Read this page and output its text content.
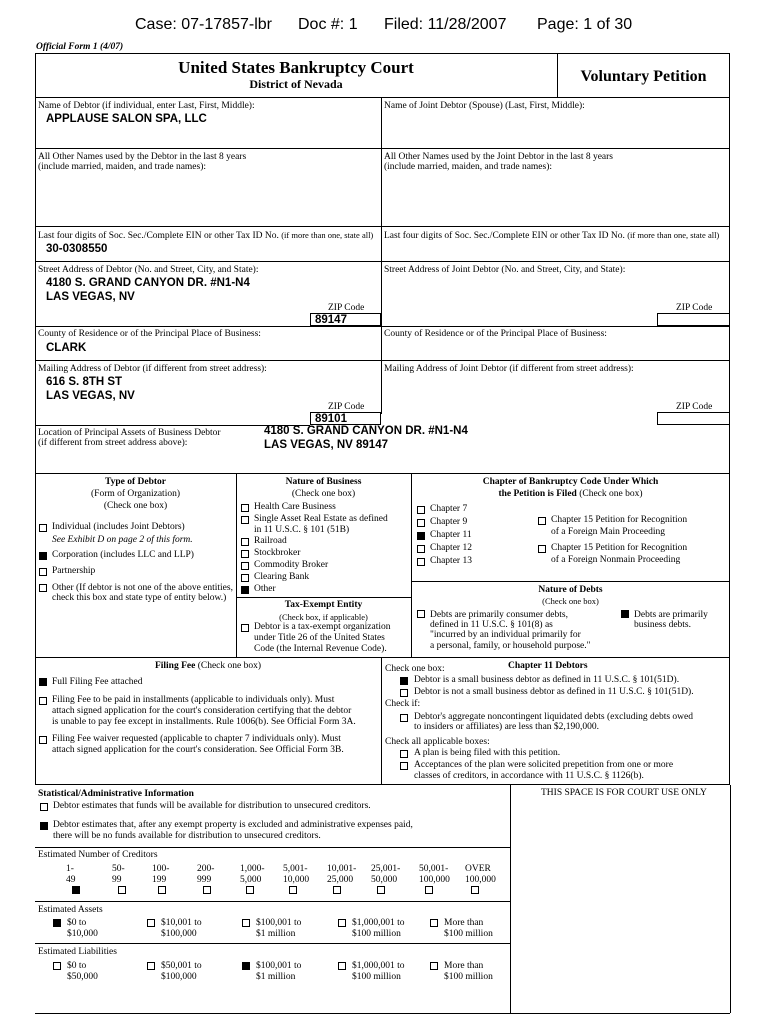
Case: 07-17857-lbr Doc #: 1 Filed: 11/28/2007 Page: 1 of 30
Official Form 1 (4/07)
United States Bankruptcy Court
District of Nevada	Voluntary Petition
Name of Debtor (if individual, enter Last, First, Middle):
APPLAUSE SALON SPA, LLC
Name of Joint Debtor (Spouse) (Last, First, Middle):
All Other Names used by the Debtor in the last 8 years
(include married, maiden, and trade names):
All Other Names used by the Joint Debtor in the last 8 years
(include married, maiden, and trade names):
Last four digits of Soc. Sec./Complete EIN or other Tax ID No. (if more than one, state all)
30-0308550
Last four digits of Soc. Sec./Complete EIN or other Tax ID No. (if more than one, state all)
Street Address of Debtor (No. and Street, City, and State):
4180 S. GRAND CANYON DR. #N1-N4
LAS VEGAS, NV
ZIP Code
89147
Street Address of Joint Debtor (No. and Street, City, and State):
ZIP Code
County of Residence or of the Principal Place of Business:
CLARK
County of Residence or of the Principal Place of Business:
Mailing Address of Debtor (if different from street address):
616 S. 8TH ST
LAS VEGAS, NV
ZIP Code
89101
Mailing Address of Joint Debtor (if different from street address):
ZIP Code
Location of Principal Assets of Business Debtor
(if different from street address above):
4180 S. GRAND CANYON DR. #N1-N4
LAS VEGAS, NV 89147
Type of Debtor
(Form of Organization)
(Check one box)
Individual (includes Joint Debtors)
See Exhibit D on page 2 of this form.
Corporation (includes LLC and LLP)
Partnership
Other (If debtor is not one of the above entities,
check this box and state type of entity below.)
Nature of Business
(Check one box)
Health Care Business
Single Asset Real Estate as defined
in 11 U.S.C. § 101 (51B)
Railroad
Stockbroker
Commodity Broker
Clearing Bank
Other
Tax-Exempt Entity
(Check box, if applicable)
Debtor is a tax-exempt organization
under Title 26 of the United States
Code (the Internal Revenue Code).
Chapter of Bankruptcy Code Under Which
the Petition is Filed (Check one box)
Chapter 7
Chapter 9
Chapter 11
Chapter 12
Chapter 13
Chapter 15 Petition for Recognition
of a Foreign Main Proceeding
Chapter 15 Petition for Recognition
of a Foreign Nonmain Proceeding
Nature of Debts
(Check one box)
Debts are primarily consumer debts,
defined in 11 U.S.C. § 101(8) as
"incurred by an individual primarily for
a personal, family, or household purpose."
Debts are primarily
business debts.
Filing Fee (Check one box)
Full Filing Fee attached
Filing Fee to be paid in installments (applicable to individuals only). Must
attach signed application for the court's consideration certifying that the debtor
is unable to pay fee except in installments. Rule 1006(b). See Official Form 3A.
Filing Fee waiver requested (applicable to chapter 7 individuals only). Must
attach signed application for the court's consideration. See Official Form 3B.
Check one box:	Chapter 11 Debtors
Debtor is a small business debtor as defined in 11 U.S.C. § 101(51D).
Debtor is not a small business debtor as defined in 11 U.S.C. § 101(51D).
Check if:
Debtor's aggregate noncontingent liquidated debts (excluding debts owed
to insiders or affiliates) are less than $2,190,000.
Check all applicable boxes:
A plan is being filed with this petition.
Acceptances of the plan were solicited prepetition from one or more
classes of creditors, in accordance with 11 U.S.C. § 1126(b).
Statistical/Administrative Information	THIS SPACE IS FOR COURT USE ONLY
Debtor estimates that funds will be available for distribution to unsecured creditors.
Debtor estimates that, after any exempt property is excluded and administrative expenses paid,
there will be no funds available for distribution to unsecured creditors.
Estimated Number of Creditors
1-
49
50-
99
100-
199
200-
999
1,000-
5,000
5,001-
10,000
10,001-
25,000
25,001-
50,000
50,001-
100,000
OVER
100,000
Estimated Assets
$0 to
$10,000
$10,001 to
$100,000
$100,001 to
$1 million
$1,000,001 to
$100 million
More than
$100 million
Estimated Liabilities
$0 to
$50,000
$50,001 to
$100,000
$100,001 to
$1 million
$1,000,001 to
$100 million
More than
$100 million
